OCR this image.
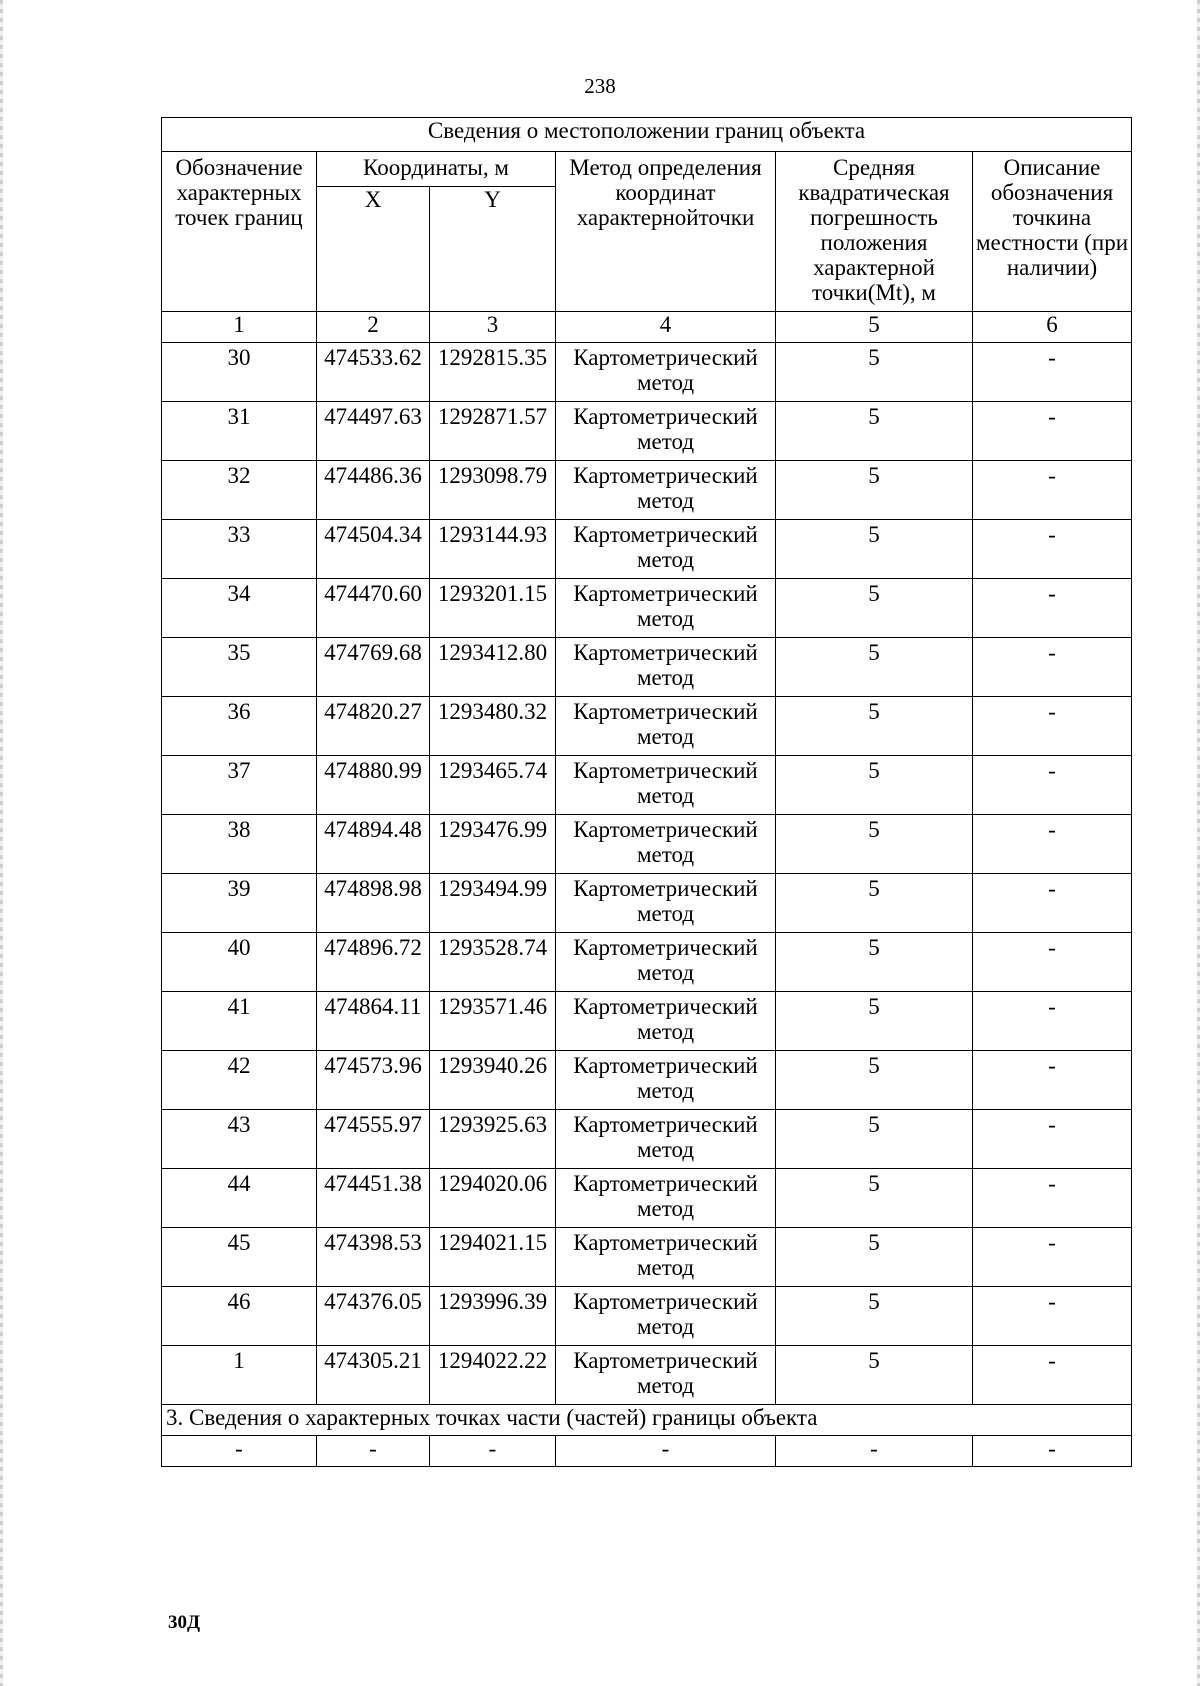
238
Сведения о местоположении границ объекта					
Обозначение характерных точек границ	Координаты, м		Метод определения координат характернойточки	Средняя квадратическая погрешность положения характерной точки(Mt), м	Описание обозначения точкина местности (при наличии)
	X	Y			
1	2	3	4	5	6
30	474533.62	1292815.35	Картометрический метод	5	-
31	474497.63	1292871.57	Картометрический метод	5	-
32	474486.36	1293098.79	Картометрический метод	5	-
33	474504.34	1293144.93	Картометрический метод	5	-
34	474470.60	1293201.15	Картометрический метод	5	-
35	474769.68	1293412.80	Картометрический метод	5	-
36	474820.27	1293480.32	Картометрический метод	5	-
37	474880.99	1293465.74	Картометрический метод	5	-
38	474894.48	1293476.99	Картометрический метод	5	-
39	474898.98	1293494.99	Картометрический метод	5	-
40	474896.72	1293528.74	Картометрический метод	5	-
41	474864.11	1293571.46	Картометрический метод	5	-
42	474573.96	1293940.26	Картометрический метод	5	-
43	474555.97	1293925.63	Картометрический метод	5	-
44	474451.38	1294020.06	Картометрический метод	5	-
45	474398.53	1294021.15	Картометрический метод	5	-
46	474376.05	1293996.39	Картометрический метод	5	-
1	474305.21	1294022.22	Картометрический метод	5	-
3. Сведения о характерных точках части (частей) границы объекта					
-	-	-	-	-	-
30Д
